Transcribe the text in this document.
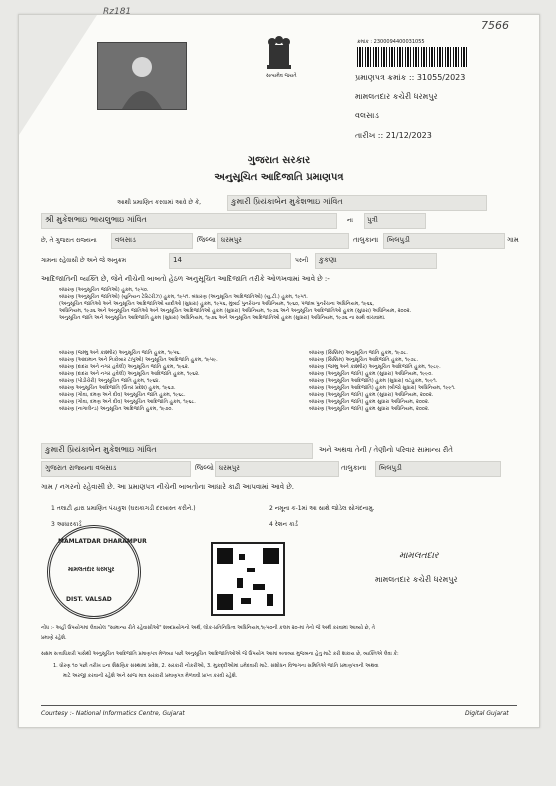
Rz181
7566
સત્યમેવ જયતે
ક્રમાંક : 2300094400031055
પ્રમાણપત્ર ક્રમાંક :: 31055/2023
મામલતદાર કચેરી ધરમપુર
વલસાડ
તારીખ :: 21/12/2023
ગુજરાત સરકાર
અનુસૂચિત આદિજાતિ પ્રમાણપત્ર
આથી પ્રમાણિત કરવામાં આવે છે કે,	કુમારી પ્રિયંકાબેન મુકેશભાઇ ગાંવિત
શ્રી મુકેશભાઇ ભાયલુભાઇ ગાંવિત	ના પુત્રી
છે, તે ગુજરાત રાજ્યના	વલસાડ	જિલ્લા ધરમપુર	તાલુકાના બિલપુડી	ગામ
ગામના રહેવાસી છે અને જે અનુક્રમ	14	પરની કુકણા
આદિજાતિની વ્યક્તિ છે, જેને નીચેની બાબતો હેઠળ અનુસૂચિત આદિજાતિ તરીકે ઓળખવામાં આવે છે :-
બંધારણ (અનુસૂચિત જાતિઓ) હુકમ, ૧૯૫૦.
બંધારણ (અનુસૂચિત જાતિઓ) (યુનિયન ટેરિટરીઝ) હુકમ, ૧૯૫૧. બંધારણ (અનુસૂચિત આદિજાતિઓ) (યુ.ટી.) હુકમ, ૧૯૫૧.
(અનુસૂચિત જાતિઓ અને અનુસૂચિત આદિજાતિઓ યાદીઓ (સુધારા) હુકમ, ૧૯૫૬, મુંબઈ પુનર્રચના અધિનિયમ, ૧૯૬૦, પંજાબ પુનર્રચના અધિનિયમ, ૧૯૬૬,
અધિનિયમ, ૧૯૭૬ અને અનુસૂચિત જાતિઓ અને અનુસૂચિત આદિજાતિઓ હુકમ (સુધારા) અધિનિયમ, ૧૯૭૬ અને અનુસૂચિત આદિજાતિઓ હુકમ (સુધારા) અધિનિયમ, ૨૦૦૨.
અનુસૂચિત જાતિ અને અનુસૂચિત આદિજાતિ હુકમ (સુધારા) અધિનિયમ, ૧૯૭૬ અને અનુસૂચિત આદિજાતિઓ હુકમ (સુધારા) અધિનિયમ, ૧૯૭૬ ના સાથે વાંચવામાં.
બંધારણ (જમ્મુ અને કાશ્મીર) અનુસૂચિત જાતિ હુકમ, ૧૯૫૬.
બંધારણ (આંદામાન અને નિકોબાર ટાપુઓ) અનુસૂચિત આદિજાતિ હુકમ, ૧૯૫૯.
બંધારણ (દાદરા અને નગર હવેલી) અનુસૂચિત જાતિ હુકમ, ૧૯૬૨.
બંધારણ (દાદરા અને નગર હવેલી) અનુસૂચિત આદિજાતિ હુકમ, ૧૯૬૨.
બંધારણ (પોંડીચેરી) અનુસૂચિત જાતિ હુકમ, ૧૯૬૪.
બંધારણ અનુસૂચિત આદિજાતિ (ઉત્તર પ્રદેશ) હુકમ, ૧૯૬૭.
બંધારણ (ગોવા, દમણ અને દીવ) અનુસૂચિત જાતિ હુકમ, ૧૯૬૮.
બંધારણ (ગોવા, દમણ અને દીવ) અનુસૂચિત આદિજાતિ હુકમ, ૧૯૬૮.
બંધારણ (નાગાલેન્ડ) અનુસૂચિત આદિજાતિ હુકમ, ૧૯૭૦.
બંધારણ (સિક્કિમ) અનુસૂચિત જાતિ હુકમ, ૧૯૭૮.
બંધારણ (સિક્કિમ) અનુસૂચિત આદિજાતિ હુકમ, ૧૯૭૮.
બંધારણ (જમ્મુ અને કાશ્મીર) અનુસૂચિત આદિજાતિ હુકમ, ૧૯૮૯.
બંધારણ (અનુસૂચિત જાતિ) હુકમ (સુધારા) અધિનિયમ, ૧૯૯૦.
બંધારણ (અનુસૂચિત આદિજાતિ) હુકમ (સુધારા) વટહુકમ, ૧૯૯૧.
બંધારણ (અનુસૂચિત આદિજાતિ) હુકમ (બીજો સુધારા) અધિનિયમ, ૧૯૯૧.
બંધારણ (અનુસૂચિત જાતિ) હુકમ (સુધારા) અધિનિયમ, ૨૦૦૨.
બંધારણ (અનુસૂચિત જાતિ) હુકમ સુધારા અધિનિયમ, ૨૦૦૨.
બંધારણ (અનુસૂચિત જાતિ) હુકમ સુધારા અધિનિયમ, ૨૦૦૨.
કુમારી પ્રિયંકાબેન મુકેશભાઇ ગાંવિત	અને અથવા તેની / તેણીનો પરિવાર સામાન્ય રીતે
ગુજરાત રાજ્યના વલસાડ	જિલ્લો ધરમપુર	તાલુકાના બિલપુડી
ગામ / નગરનો રહેવાસી છે. આ પ્રમાણપત્ર નીચેની બાબતોના આધારે કાઢી આપવામાં આવે છે.
1 તલાટી દ્વારા પ્રમાણિત પંચકુશ (ઘરાકાગડી દરખાસ્ત કરીને.)	2 નમૂના ક-1માં આ સાથે જોડેલ સોગંદનામુ.
3 આધારકાર્ડ	4 રેશન કાર્ડ
MAMLATDAR DHARAMPUR
મામલતદાર ધરમપુર
DIST. VALSAD
મામલતદાર
મામલતદાર કચેરી ધરમપુર
નોંધ :- અહીં ઉપયોગમાં લેવાયેલ "સામાન્ય રીતે રહેવાસીઓ" શબ્દપ્રયોગનો અર્થ, લોક-પ્રતિનિધિત્વ અધિનિયમ,૧૯૫૦ની કલમ ૨૦-માં તેનો જે અર્થ કરવામાં આવ્યો છે, તે
પ્રમાણે રહેશે.
સક્ષમ સત્તાધિકારી પાસેથી અનુસૂચિત આદિજાતિ પ્રમાણપત્ર મેળવ્યા પછી અનુસૂચિત આદિજાતિઓએ જે ઉપયોગ આમાં બતાવ્યા મુજબના હેતુ માટે કરી શકાય છે, વ્યક્તિએ લેવા કે:
1. ધોરણ ૧૦ પછી તરીખ ઇના શૈક્ષણિક સંસ્થામાં પ્રવેશ, 2. સરકારી નોકરીઓ, 3. મુકદ્દીઓમાં ઇમેદવારી માટે. સંશોધન વિભાગના સમિતિએ જાતિ પ્રમાણપત્રની અથવા
માટે અરજી કરવાની રહેશે અને સાંજ માત્ર સરકારી પ્રમાણપત્ર મેળવવી પ્રાપ્ત કરવી રહેશે.
Courtesy :- National Informatics Centre, Gujarat	Digital Gujarat
